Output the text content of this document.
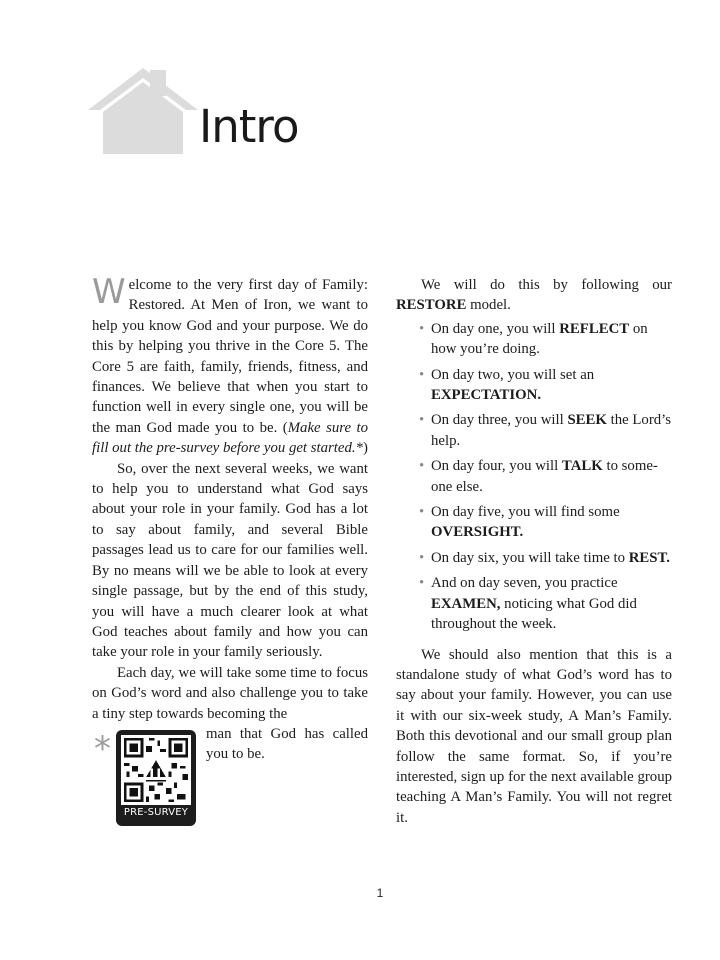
Intro

Welcome to the very first day of Family: Restored. At Men of Iron, we want to help you know God and your purpose. We do this by helping you thrive in the Core 5. The Core 5 are faith, family, friends, fitness, and finances. We believe that when you start to function well in every single one, you will be the man God made you to be. (Make sure to fill out the pre-survey before you get started.*)

So, over the next several weeks, we want to help you to understand what God says about your role in your family. God has a lot to say about family, and several Bible passages lead us to care for our families well. By no means will we be able to look at every single passage, but by the end of this study, you will have a much clearer look at what God teaches about family and how you can take your role in your family seriously.

Each day, we will take some time to focus on God’s word and also challenge you to take a tiny step towards becoming the

*
PRE-SURVEY
man that God has called you to be.

We will do this by following our RESTORE model.

• On day one, you will REFLECT on how you’re doing.
• On day two, you will set an EXPECTATION.
• On day three, you will SEEK the Lord’s help.
• On day four, you will TALK to some-one else.
• On day five, you will find some OVERSIGHT.
• On day six, you will take time to REST.
• And on day seven, you practice EXAMEN, noticing what God did throughout the week.

We should also mention that this is a standalone study of what God’s word has to say about your family. However, you can use it with our six-week study, A Man’s Family. Both this devotional and our small group plan follow the same format. So, if you’re interested, sign up for the next available group teaching A Man’s Family. You will not regret it.

1
